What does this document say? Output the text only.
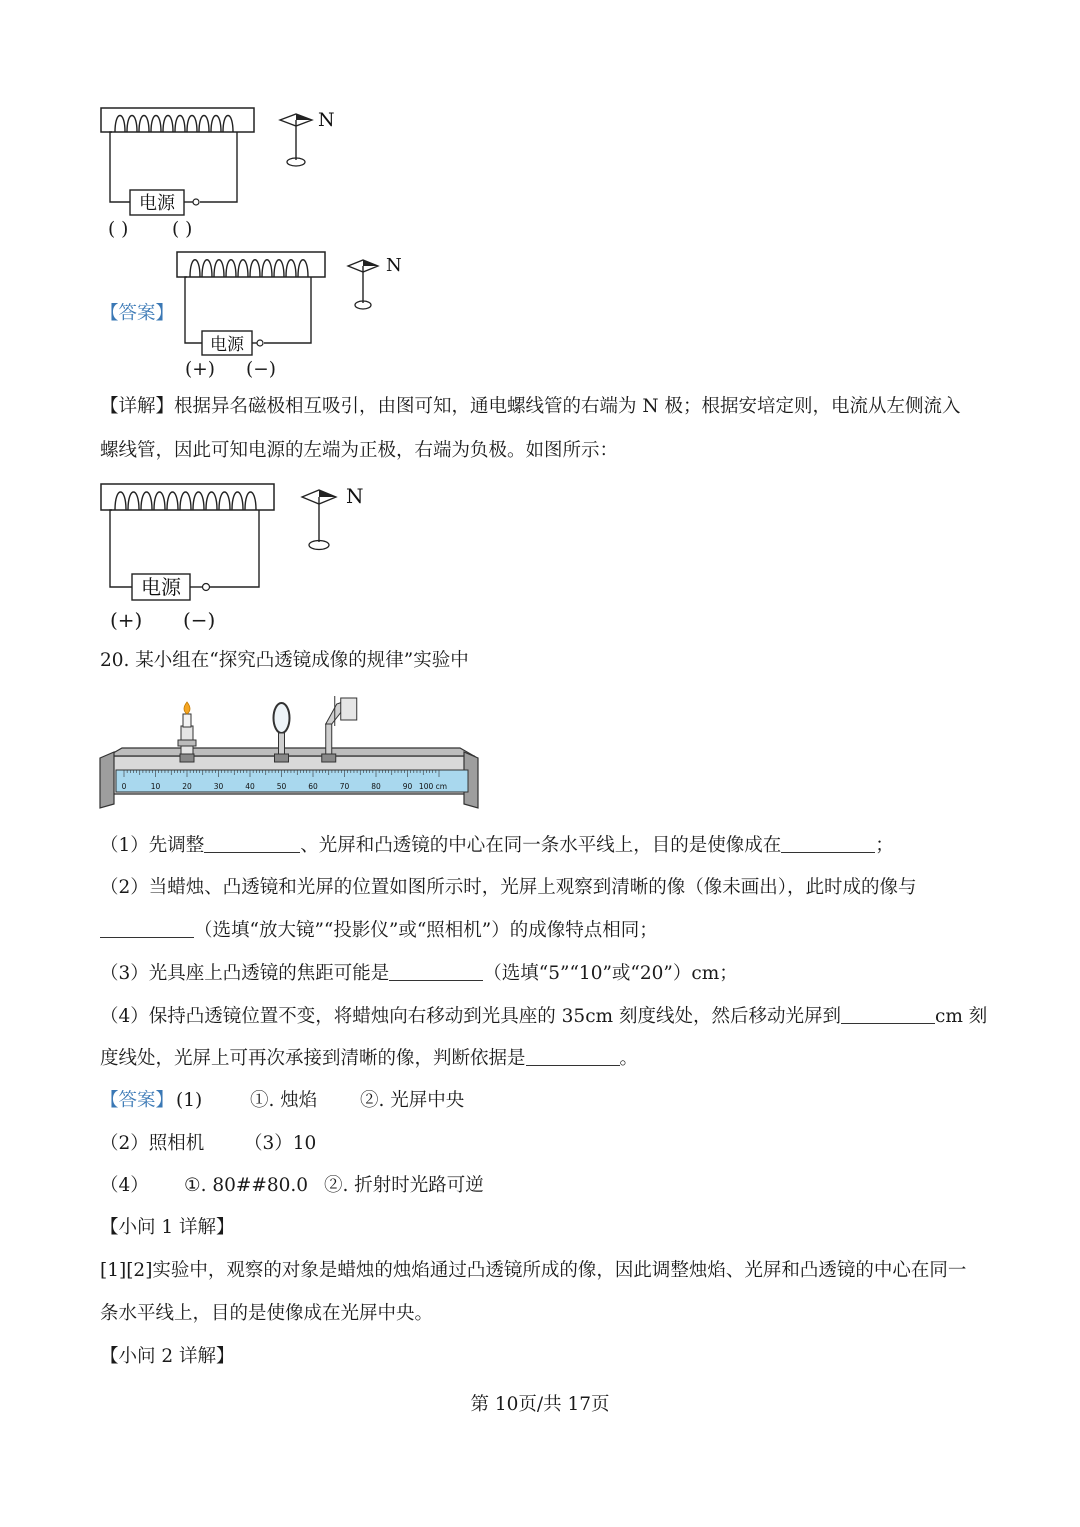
电源
( ) ( )
N
【答案】
电源
(+) (−)
N
【详解】根据异名磁极相互吸引，由图可知，通电螺线管的右端为 N 极；根据安培定则，电流从左侧流入
螺线管，因此可知电源的左端为正极，右端为负极。如图所示：
电源
(+) (−)
N
20. 某小组在“探究凸透镜成像的规律”实验中
0	10	20	30	40	50	60	70	80	90 100 cm
（1）先调整	、光屏和凸透镜的中心在同一条水平线上，目的是使像成在	；
（2）当蜡烛、凸透镜和光屏的位置如图所示时，光屏上观察到清晰的像（像未画出），此时成的像与
（选填“放大镜”“投影仪”或“照相机”）的成像特点相同；
（3）光具座上凸透镜的焦距可能是	（选填“5”“10”或“20”）cm；
（4）保持凸透镜位置不变，将蜡烛向右移动到光具座的 35cm 刻度线处，然后移动光屏到	cm 刻
度线处，光屏上可再次承接到清晰的像，判断依据是	。
【答案】 (1)	①. 烛焰 ②. 光屏中央
（2）照相机 （3）10
（4） ①. 80##80.0 ②. 折射时光路可逆
【小问 1 详解】
[1][2]实验中，观察的对象是蜡烛的烛焰通过凸透镜所成的像，因此调整烛焰、光屏和凸透镜的中心在同一
条水平线上，目的是使像成在光屏中央。
【小问 2 详解】
第 10页/共 17页
